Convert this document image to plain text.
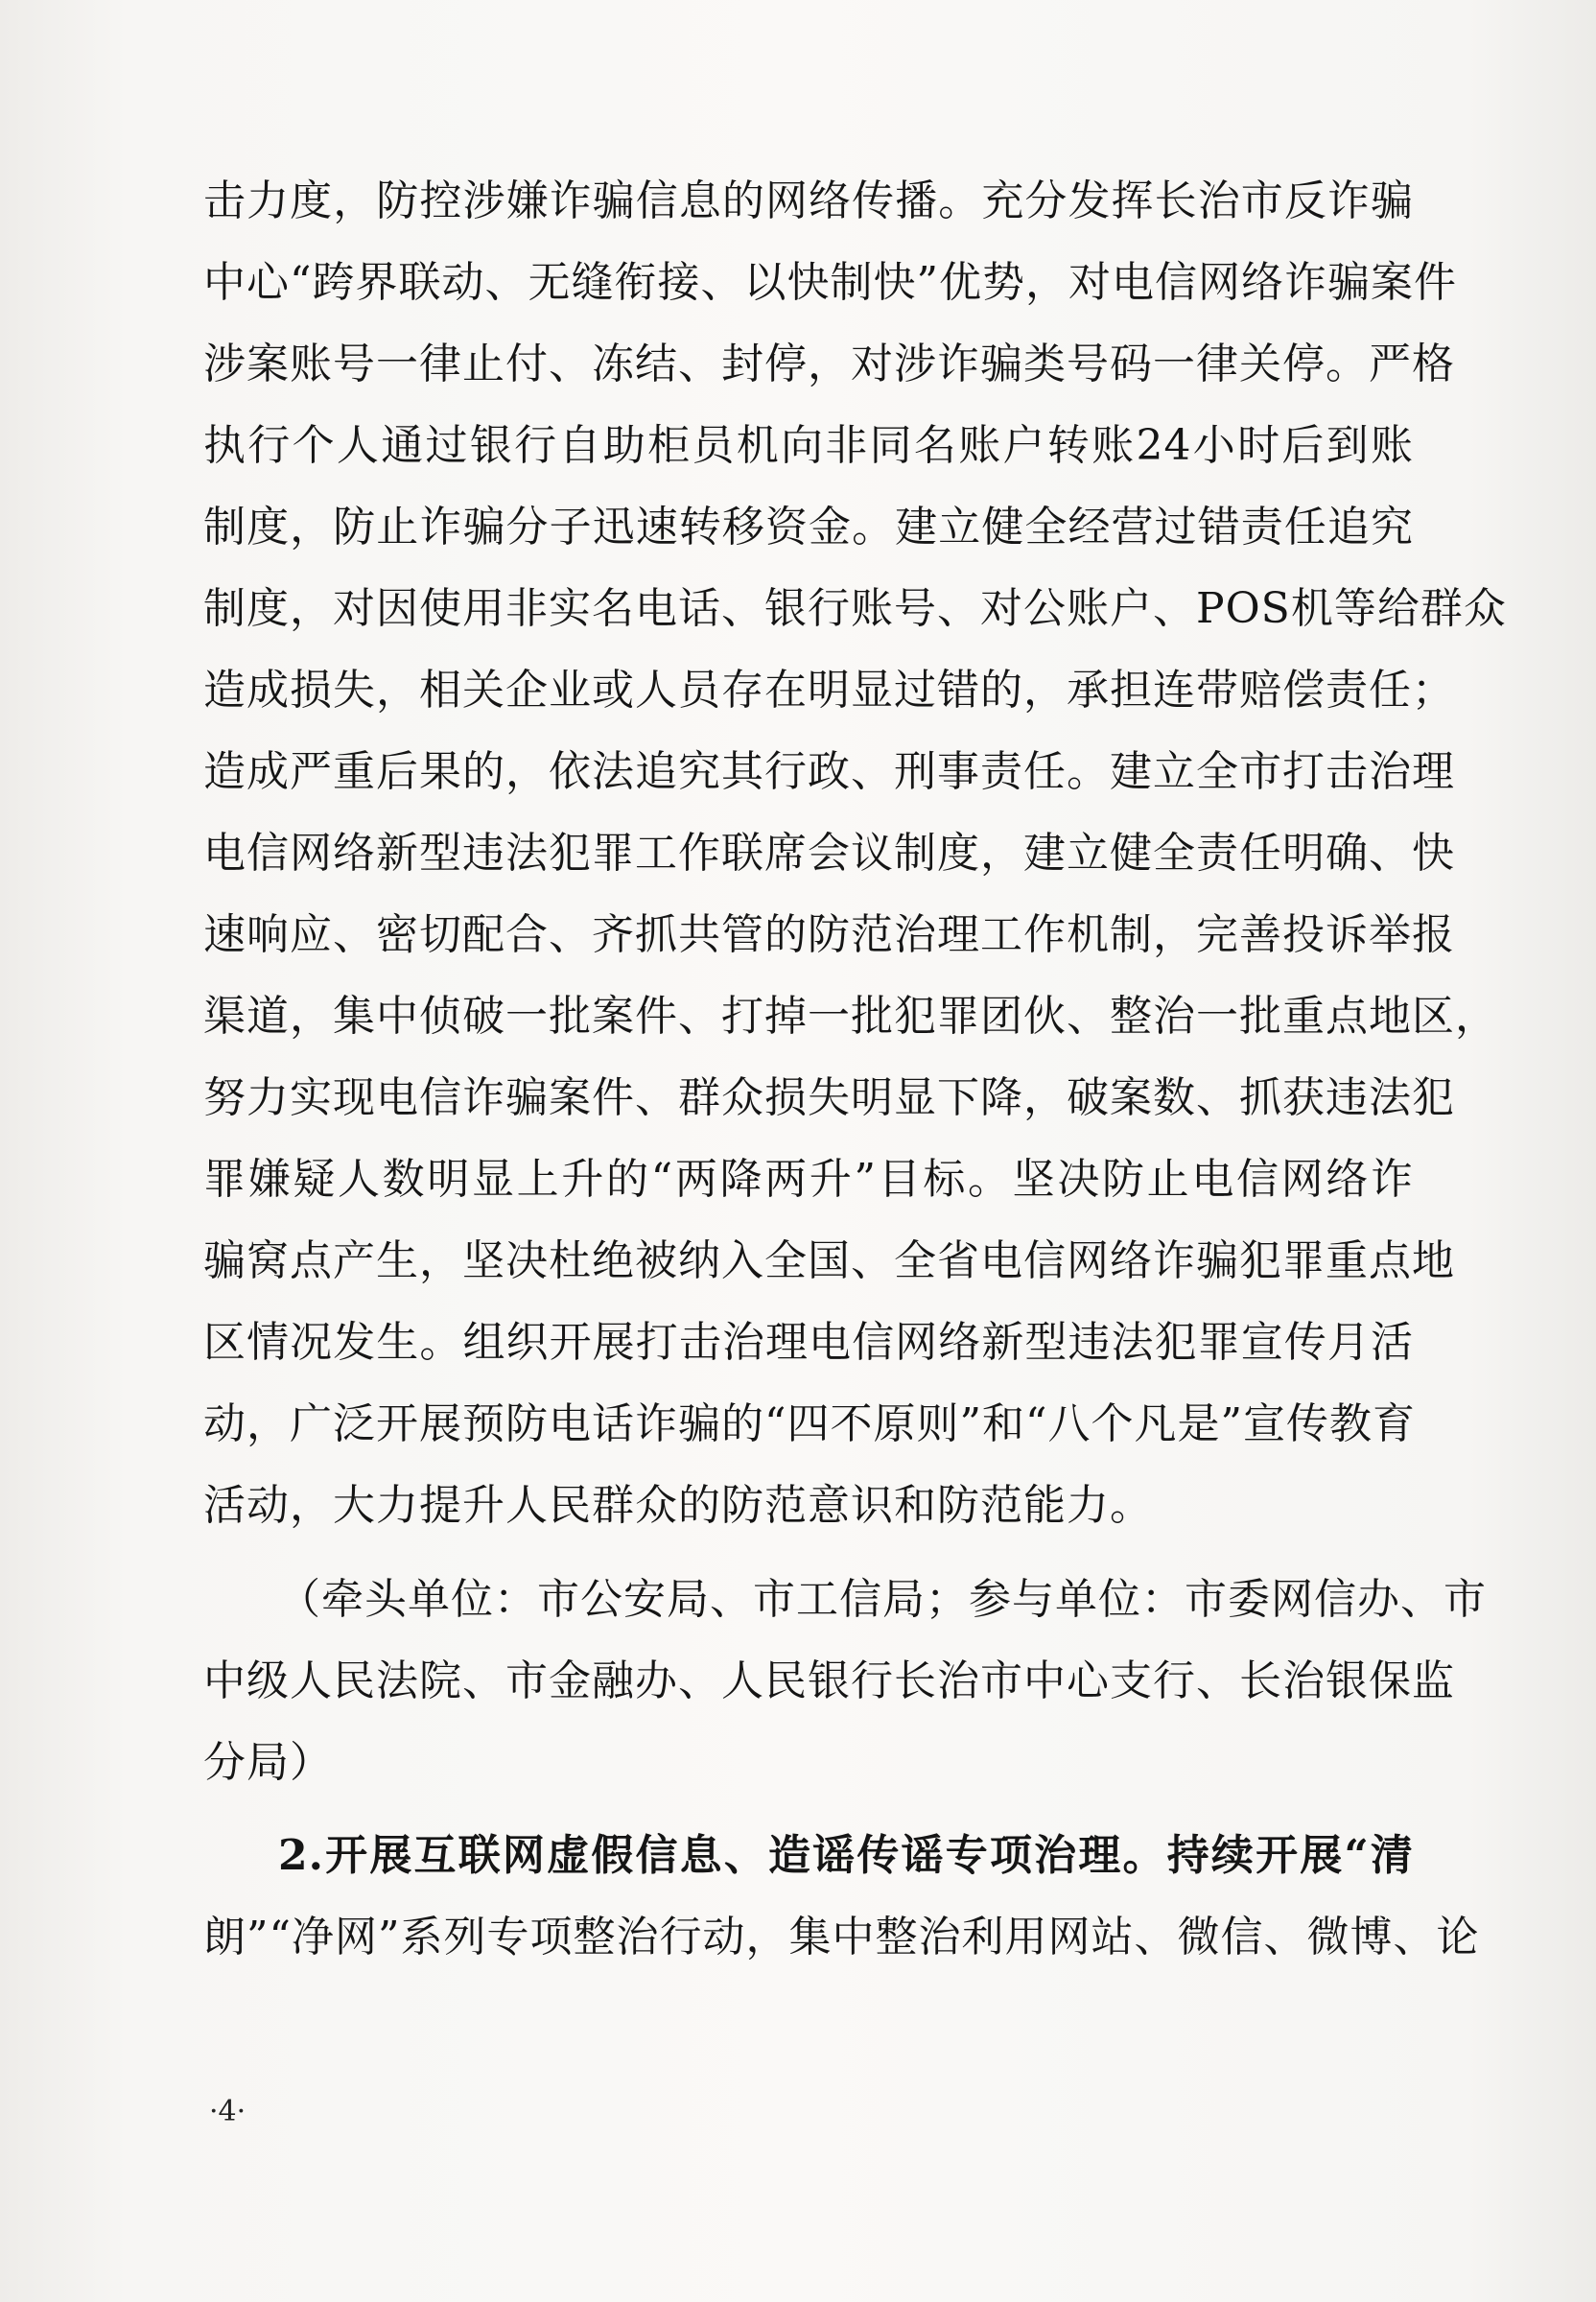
击力度，防控涉嫌诈骗信息的网络传播。充分发挥长治市反诈骗
中心“跨界联动、无缝衔接、以快制快”优势，对电信网络诈骗案件
涉案账号一律止付、冻结、封停，对涉诈骗类号码一律关停。严格
执行个人通过银行自助柜员机向非同名账户转账24小时后到账
制度，防止诈骗分子迅速转移资金。建立健全经营过错责任追究
制度，对因使用非实名电话、银行账号、对公账户、POS机等给群众
造成损失，相关企业或人员存在明显过错的，承担连带赔偿责任；
造成严重后果的，依法追究其行政、刑事责任。建立全市打击治理
电信网络新型违法犯罪工作联席会议制度，建立健全责任明确、快
速响应、密切配合、齐抓共管的防范治理工作机制，完善投诉举报
渠道，集中侦破一批案件、打掉一批犯罪团伙、整治一批重点地区，
努力实现电信诈骗案件、群众损失明显下降，破案数、抓获违法犯
罪嫌疑人数明显上升的“两降两升”目标。坚决防止电信网络诈
骗窝点产生，坚决杜绝被纳入全国、全省电信网络诈骗犯罪重点地
区情况发生。组织开展打击治理电信网络新型违法犯罪宣传月活
动，广泛开展预防电话诈骗的“四不原则”和“八个凡是”宣传教育
活动，大力提升人民群众的防范意识和防范能力。
（牵头单位：市公安局、市工信局；参与单位：市委网信办、市
中级人民法院、市金融办、人民银行长治市中心支行、长治银保监
分局）
2.开展互联网虚假信息、造谣传谣专项治理。持续开展“清
朗”“净网”系列专项整治行动，集中整治利用网站、微信、微博、论
·4·
